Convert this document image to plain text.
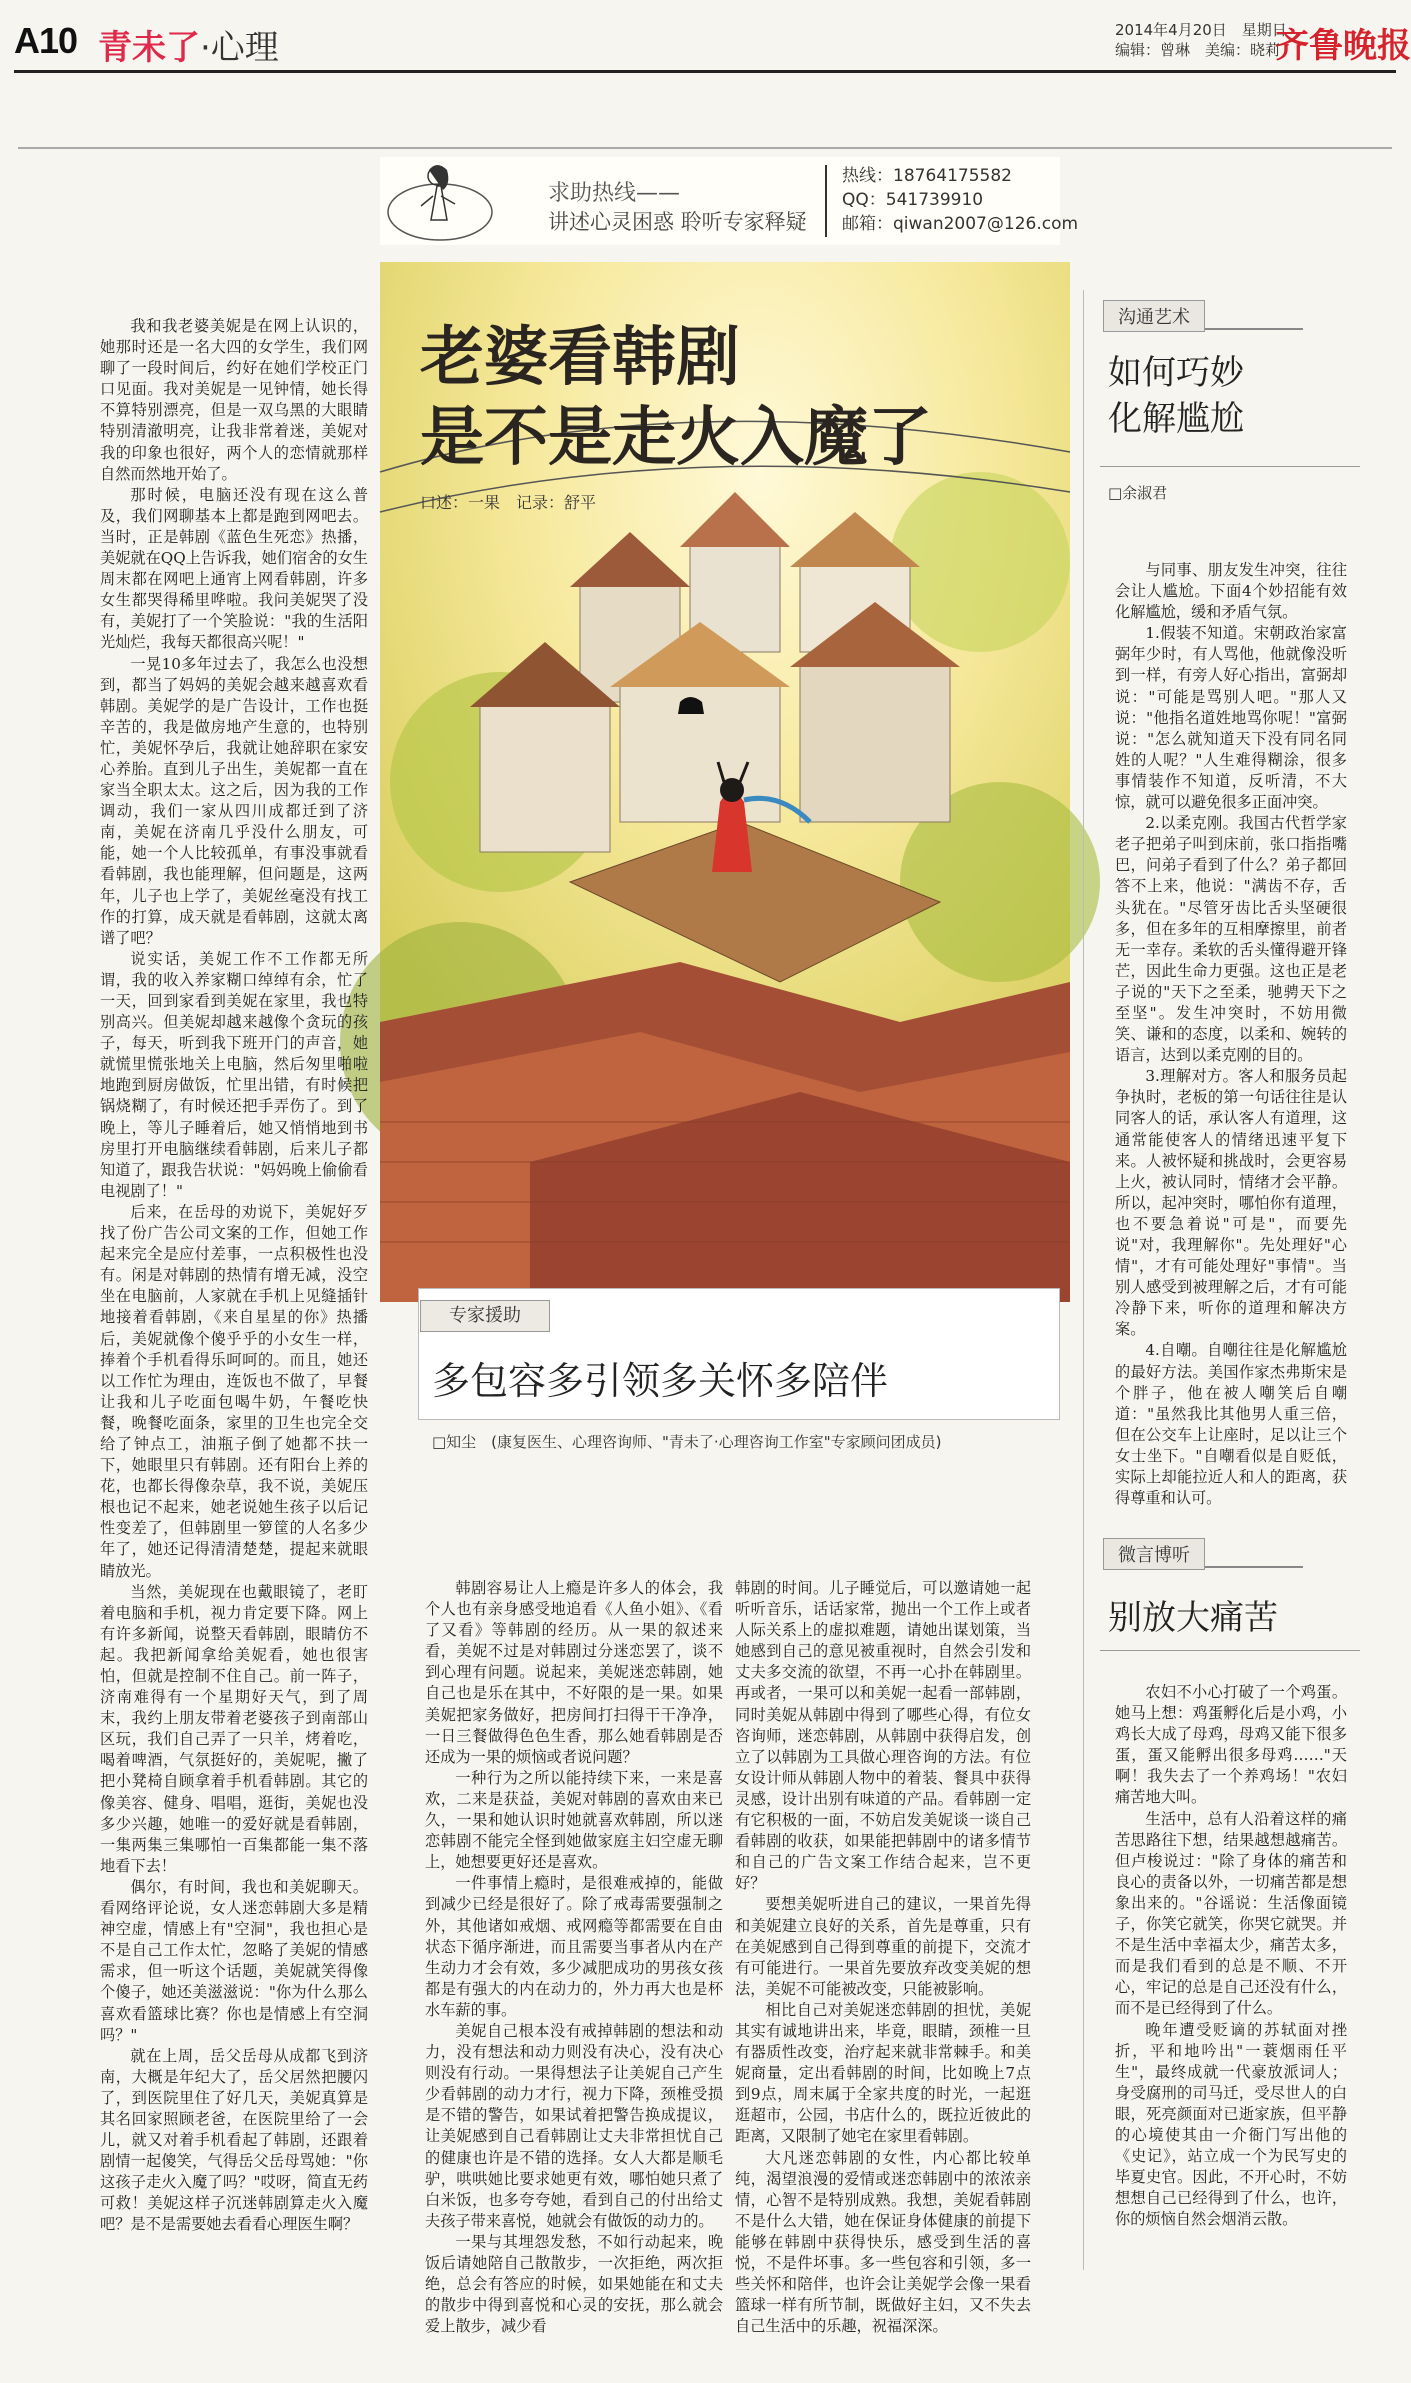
A10 青未了·心理	2014年4月20日　星期日
编辑：曾琳　美编：晓莉
齐鲁晚报
求助热线——
讲述心灵困惑 聆听专家释疑
热线：18764175582
QQ：541739910
邮箱：qiwan2007@126.com
老婆看韩剧
是不是走火入魔了
口述：一果　记录：舒平

我和我老婆美妮是在网上认识的，她那时还是一名大四的女学生，我们网聊了一段时间后，约好在她们学校正门口见面。我对美妮是一见钟情，她长得不算特别漂亮，但是一双乌黑的大眼睛特别清澈明亮，让我非常着迷，美妮对我的印象也很好，两个人的恋情就那样自然而然地开始了。

那时候，电脑还没有现在这么普及，我们网聊基本上都是跑到网吧去。当时，正是韩剧《蓝色生死恋》热播，美妮就在QQ上告诉我，她们宿舍的女生周末都在网吧上通宵上网看韩剧，许多女生都哭得稀里哗啦。我问美妮哭了没有，美妮打了一个笑脸说："我的生活阳光灿烂，我每天都很高兴呢！"

一晃10多年过去了，我怎么也没想到，都当了妈妈的美妮会越来越喜欢看韩剧。美妮学的是广告设计，工作也挺辛苦的，我是做房地产生意的，也特别忙，美妮怀孕后，我就让她辞职在家安心养胎。直到儿子出生，美妮都一直在家当全职太太。这之后，因为我的工作调动，我们一家从四川成都迁到了济南，美妮在济南几乎没什么朋友，可能，她一个人比较孤单，有事没事就看看韩剧，我也能理解，但问题是，这两年，儿子也上学了，美妮丝毫没有找工作的打算，成天就是看韩剧，这就太离谱了吧？

说实话，美妮工作不工作都无所谓，我的收入养家糊口绰绰有余，忙了一天，回到家看到美妮在家里，我也特别高兴。但美妮却越来越像个贪玩的孩子，每天，听到我下班开门的声音，她就慌里慌张地关上电脑，然后匆里啪啦地跑到厨房做饭，忙里出错，有时候把锅烧糊了，有时候还把手弄伤了。到了晚上，等儿子睡着后，她又悄悄地到书房里打开电脑继续看韩剧，后来儿子都知道了，跟我告状说："妈妈晚上偷偷看电视剧了！"

后来，在岳母的劝说下，美妮好歹找了份广告公司文案的工作，但她工作起来完全是应付差事，一点积极性也没有。闲是对韩剧的热情有增无减，没空坐在电脑前，人家就在手机上见缝插针地接着看韩剧，《来自星星的你》热播后，美妮就像个傻乎乎的小女生一样，捧着个手机看得乐呵呵的。而且，她还以工作忙为理由，连饭也不做了，早餐让我和儿子吃面包喝牛奶，午餐吃快餐，晚餐吃面条，家里的卫生也完全交给了钟点工，油瓶子倒了她都不扶一下，她眼里只有韩剧。还有阳台上养的花，也都长得像杂草，我不说，美妮压根也记不起来，她老说她生孩子以后记性变差了，但韩剧里一箩筐的人名多少年了，她还记得清清楚楚，提起来就眼睛放光。

当然，美妮现在也戴眼镜了，老盯着电脑和手机，视力肯定要下降。网上有许多新闻，说整天看韩剧，眼睛仿不起。我把新闻拿给美妮看，她也很害怕，但就是控制不住自己。前一阵子，济南难得有一个星期好天气，到了周末，我约上朋友带着老婆孩子到南部山区玩，我们自己弄了一只羊，烤着吃，喝着啤酒，气氛挺好的，美妮呢，撇了把小凳椅自顾拿着手机看韩剧。其它的像美容、健身、唱唱，逛街，美妮也没多少兴趣，她唯一的爱好就是看韩剧，一集两集三集哪怕一百集都能一集不落地看下去！

偶尔，有时间，我也和美妮聊天。看网络评论说，女人迷恋韩剧大多是精神空虚，情感上有"空洞"，我也担心是不是自己工作太忙，忽略了美妮的情感需求，但一听这个话题，美妮就笑得像个傻子，她还美滋滋说："你为什么那么喜欢看篮球比赛？你也是情感上有空洞吗？"

就在上周，岳父岳母从成都飞到济南，大概是年纪大了，岳父居然把腰闪了，到医院里住了好几天，美妮真算是其名回家照顾老爸，在医院里给了一会儿，就又对着手机看起了韩剧，还跟着剧情一起傻笑，气得岳父岳母骂她："你这孩子走火入魔了吗？"哎呀，简直无药可救！美妮这样子沉迷韩剧算走火入魔吧？是不是需要她去看看心理医生啊？

专家援助
多包容多引领多关怀多陪伴
□知尘　(康复医生、心理咨询师、"青未了·心理咨询工作室"专家顾问团成员)

韩剧容易让人上瘾是许多人的体会，我个人也有亲身感受地追看《人鱼小姐》、《看了又看》等韩剧的经历。从一果的叙述来看，美妮不过是对韩剧过分迷恋罢了，谈不到心理有问题。说起来，美妮迷恋韩剧，她自己也是乐在其中，不好限的是一果。如果美妮把家务做好，把房间打扫得干干净净，一日三餐做得色色生香，那么她看韩剧是否还成为一果的烦恼或者说问题？

一种行为之所以能持续下来，一来是喜欢，二来是获益，美妮对韩剧的喜欢由来已久，一果和她认识时她就喜欢韩剧，所以迷恋韩剧不能完全怪到她做家庭主妇空虚无聊上，她想要更好还是喜欢。

一件事情上瘾时，是很难戒掉的，能做到减少已经是很好了。除了戒毒需要强制之外，其他诸如戒烟、戒网瘾等都需要在自由状态下循序渐进，而且需要当事者从内在产生动力才会有效，多少减肥成功的男孩女孩都是有强大的内在动力的，外力再大也是杯水车薪的事。

美妮自己根本没有戒掉韩剧的想法和动力，没有想法和动力则没有决心，没有决心则没有行动。一果得想法子让美妮自己产生少看韩剧的动力才行，视力下降，颈椎受损是不错的警告，如果试着把警告换成提议，让美妮感到自己看韩剧让丈夫非常担忧自己的健康也许是不错的选择。女人大都是顺毛驴，哄哄她比要求她更有效，哪怕她只煮了白米饭，也多夸夸她，看到自己的付出给丈夫孩子带来喜悦，她就会有做饭的动力的。

一果与其埋怨发愁，不如行动起来，晚饭后请她陪自己散散步，一次拒绝，两次拒绝，总会有答应的时候，如果她能在和丈夫的散步中得到喜悦和心灵的安抚，那么就会爱上散步，减少看

韩剧的时间。儿子睡觉后，可以邀请她一起听听音乐，话话家常，抛出一个工作上或者人际关系上的虚拟难题，请她出谋划策，当她感到自己的意见被重视时，自然会引发和丈夫多交流的欲望，不再一心扑在韩剧里。再或者，一果可以和美妮一起看一部韩剧，同时美妮从韩剧中得到了哪些心得，有位女咨询师，迷恋韩剧，从韩剧中获得启发，创立了以韩剧为工具做心理咨询的方法。有位女设计师从韩剧人物中的着装、餐具中获得灵感，设计出别有味道的产品。看韩剧一定有它积极的一面，不妨启发美妮谈一谈自己看韩剧的收获，如果能把韩剧中的诸多情节和自己的广告文案工作结合起来，岂不更好？

要想美妮听进自己的建议，一果首先得和美妮建立良好的关系，首先是尊重，只有在美妮感到自己得到尊重的前提下，交流才有可能进行。一果首先要放弃改变美妮的想法，美妮不可能被改变，只能被影响。

相比自己对美妮迷恋韩剧的担忧，美妮其实有诚地讲出来，毕竟，眼睛，颈椎一旦有器质性改变，治疗起来就非常棘手。和美妮商量，定出看韩剧的时间，比如晚上7点到9点，周末属于全家共度的时光，一起逛逛超市，公园，书店什么的，既拉近彼此的距离，又限制了她宅在家里看韩剧。

大凡迷恋韩剧的女性，内心都比较单纯，渴望浪漫的爱情或迷恋韩剧中的浓浓亲情，心智不是特别成熟。我想，美妮看韩剧不是什么大错，她在保证身体健康的前提下能够在韩剧中获得快乐，感受到生活的喜悦，不是件坏事。多一些包容和引领，多一些关怀和陪伴，也许会让美妮学会像一果看篮球一样有所节制，既做好主妇，又不失去自己生活中的乐趣，祝福深深。

沟通艺术
如何巧妙
化解尴尬
□余淑君

与同事、朋友发生冲突，往往会让人尴尬。下面4个妙招能有效化解尴尬，缓和矛盾气氛。

1.假装不知道。宋朝政治家富弼年少时，有人骂他，他就像没听到一样，有旁人好心指出，富弼却说："可能是骂别人吧。"那人又说："他指名道姓地骂你呢！"富弼说："怎么就知道天下没有同名同姓的人呢？"人生难得糊涂，很多事情装作不知道，反听清，不大惊，就可以避免很多正面冲突。

2.以柔克刚。我国古代哲学家老子把弟子叫到床前，张口指指嘴巴，问弟子看到了什么？弟子都回答不上来，他说："满齿不存，舌头犹在。"尽管牙齿比舌头坚硬很多，但在多年的互相摩擦里，前者无一幸存。柔软的舌头懂得避开锋芒，因此生命力更强。这也正是老子说的"天下之至柔，驰骋天下之至坚"。发生冲突时，不妨用微笑、谦和的态度，以柔和、婉转的语言，达到以柔克刚的目的。

3.理解对方。客人和服务员起争执时，老板的第一句话往往是认同客人的话，承认客人有道理，这通常能使客人的情绪迅速平复下来。人被怀疑和挑战时，会更容易上火，被认同时，情绪才会平静。所以，起冲突时，哪怕你有道理，也不要急着说"可是"，而要先说"对，我理解你"。先处理好"心情"，才有可能处理好"事情"。当别人感受到被理解之后，才有可能冷静下来，听你的道理和解决方案。

4.自嘲。自嘲往往是化解尴尬的最好方法。美国作家杰弗斯宋是个胖子，他在被人嘲笑后自嘲道："虽然我比其他男人重三倍，但在公交车上让座时，足以让三个女士坐下。"自嘲看似是自贬低，实际上却能拉近人和人的距离，获得尊重和认可。

微言博听
别放大痛苦

农妇不小心打破了一个鸡蛋。她马上想：鸡蛋孵化后是小鸡，小鸡长大成了母鸡，母鸡又能下很多蛋，蛋又能孵出很多母鸡……"天啊！我失去了一个养鸡场！"农妇痛苦地大叫。

生活中，总有人沿着这样的痛苦思路往下想，结果越想越痛苦。但卢梭说过："除了身体的痛苦和良心的责备以外，一切痛苦都是想象出来的。"谷谣说：生活像面镜子，你笑它就笑，你哭它就哭。并不是生活中幸福太少，痛苦太多，而是我们看到的总是不顺、不开心，牢记的总是自己还没有什么，而不是已经得到了什么。

晚年遭受贬谪的苏轼面对挫折，平和地吟出"一蓑烟雨任平生"，最终成就一代豪放派词人；身受腐刑的司马迁，受尽世人的白眼，死亮颜面对已逝家族，但平静的心境使其由一介衙门写出他的《史记》，站立成一个为民写史的毕夏史官。因此，不开心时，不妨想想自己已经得到了什么，也许，你的烦恼自然会烟消云散。
